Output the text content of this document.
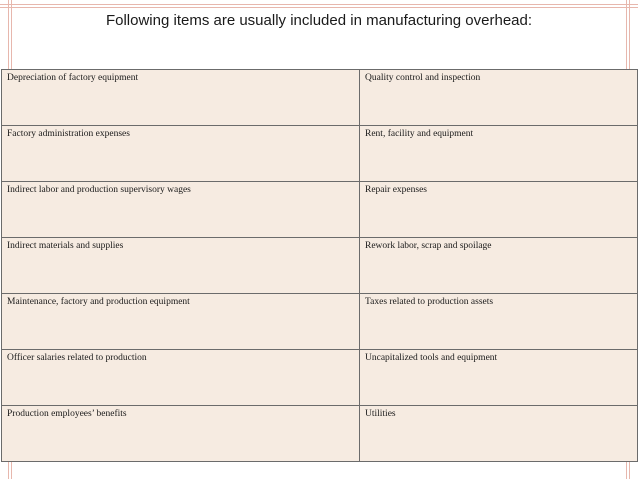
Following items are usually included in manufacturing overhead:
Depreciation of factory equipment	Quality control and inspection
Factory administration expenses	Rent, facility and equipment
Indirect labor and production supervisory wages	Repair expenses
Indirect materials and supplies	Rework labor, scrap and spoilage
Maintenance, factory and production equipment	Taxes related to production assets
Officer salaries related to production	Uncapitalized tools and equipment
Production employees’ benefits	Utilities
